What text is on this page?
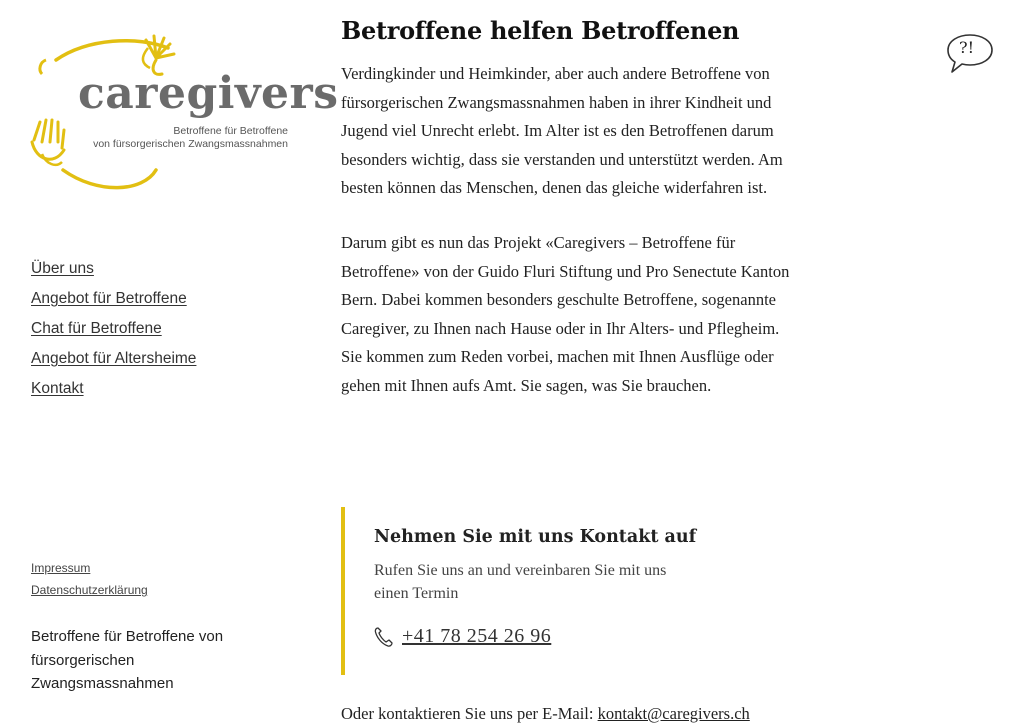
caregivers
Betroffene für Betroffene
von fürsorgerischen Zwangsmassnahmen
Über uns
Angebot für Betroffene
Chat für Betroffene
Angebot für Altersheime
Kontakt
Impressum
Datenschutzerklärung
Betroffene für Betroffene von fürsorgerischen Zwangsmassnahmen
Betroffene helfen Betroffenen

Verdingkinder und Heimkinder, aber auch andere Betroffene von fürsorgerischen Zwangsmassnahmen haben in ihrer Kindheit und Jugend viel Unrecht erlebt. Im Alter ist es den Betroffenen darum besonders wichtig, dass sie verstanden und unterstützt werden. Am besten können das Menschen, denen das gleiche widerfahren ist.

Darum gibt es nun das Projekt «Caregivers – Betroffene für Betroffene» von der Guido Fluri Stiftung und Pro Senectute Kanton Bern. Dabei kommen besonders geschulte Betroffene, sogenannte Caregiver, zu Ihnen nach Hause oder in Ihr Alters- und Pflegheim. Sie kommen zum Reden vorbei, machen mit Ihnen Ausflüge oder gehen mit Ihnen aufs Amt. Sie sagen, was Sie brauchen.

Nehmen Sie mit uns Kontakt auf
Rufen Sie uns an und vereinbaren Sie mit uns einen Termin
+41 78 254 26 96
Oder kontaktieren Sie uns per E-Mail: kontakt@caregivers.ch
?!
